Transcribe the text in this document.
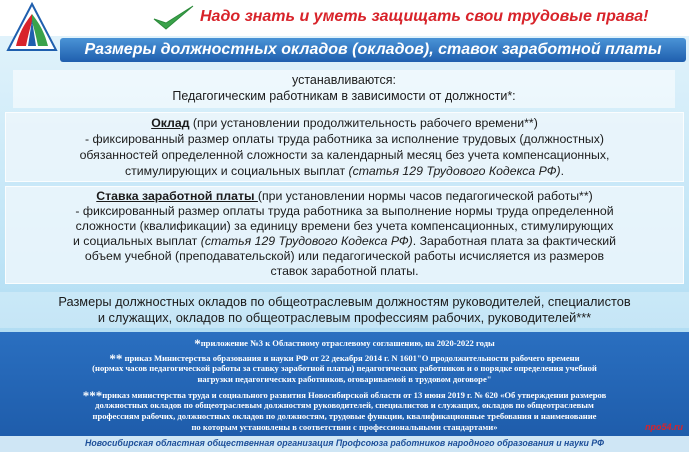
Надо знать и уметь защищать свои трудовые права!
Размеры должностных окладов (окладов), ставок заработной платы
устанавливаются:
Педагогическим работникам в зависимости от должности*:
Оклад (при установлении продолжительность рабочего времени**)
- фиксированный размер оплаты труда работника за исполнение трудовых (должностных)
обязанностей определенной сложности за календарный месяц без учета компенсационных,
стимулирующих и социальных выплат (статья 129 Трудового Кодекса РФ).
Ставка заработной платы (при установлении нормы часов педагогической работы**)
- фиксированный размер оплаты труда работника за выполнение нормы труда определенной
сложности (квалификации) за единицу времени без учета компенсационных, стимулирующих
и социальных выплат (статья 129 Трудового Кодекса РФ). Заработная плата за фактический
объем учебной (преподавательской) или педагогической работы исчисляется из размеров
ставок заработной платы.
Размеры должностных окладов по общеотраслевым должностям руководителей, специалистов
и служащих, окладов по общеотраслевым профессиям рабочих, руководителей***
*приложение №3 к Областному отраслевому соглашению, на 2020-2022 годы
** приказ Министерства образования и науки РФ от 22 декабря 2014 г. N 1601"О продолжительности рабочего времени
(нормах часов педагогической работы за ставку заработной платы) педагогических работников и о порядке определения учебной
нагрузки педагогических работников, оговариваемой в трудовом договоре"
***приказ министерства труда и социального развития Новосибирской области от 13 июня 2019 г. № 620 «Об утверждении размеров
должностных окладов по общеотраслевым должностям руководителей, специалистов и служащих, окладов по общеотраслевым
профессиям рабочих, должностных окладов по должностям, трудовые функции, квалификационные требования и наименование
по которым установлены в соответствии с профессиональными стандартами»	npo54.ru
Новосибирская областная общественная организация Профсоюза работников народного образования и науки РФ
